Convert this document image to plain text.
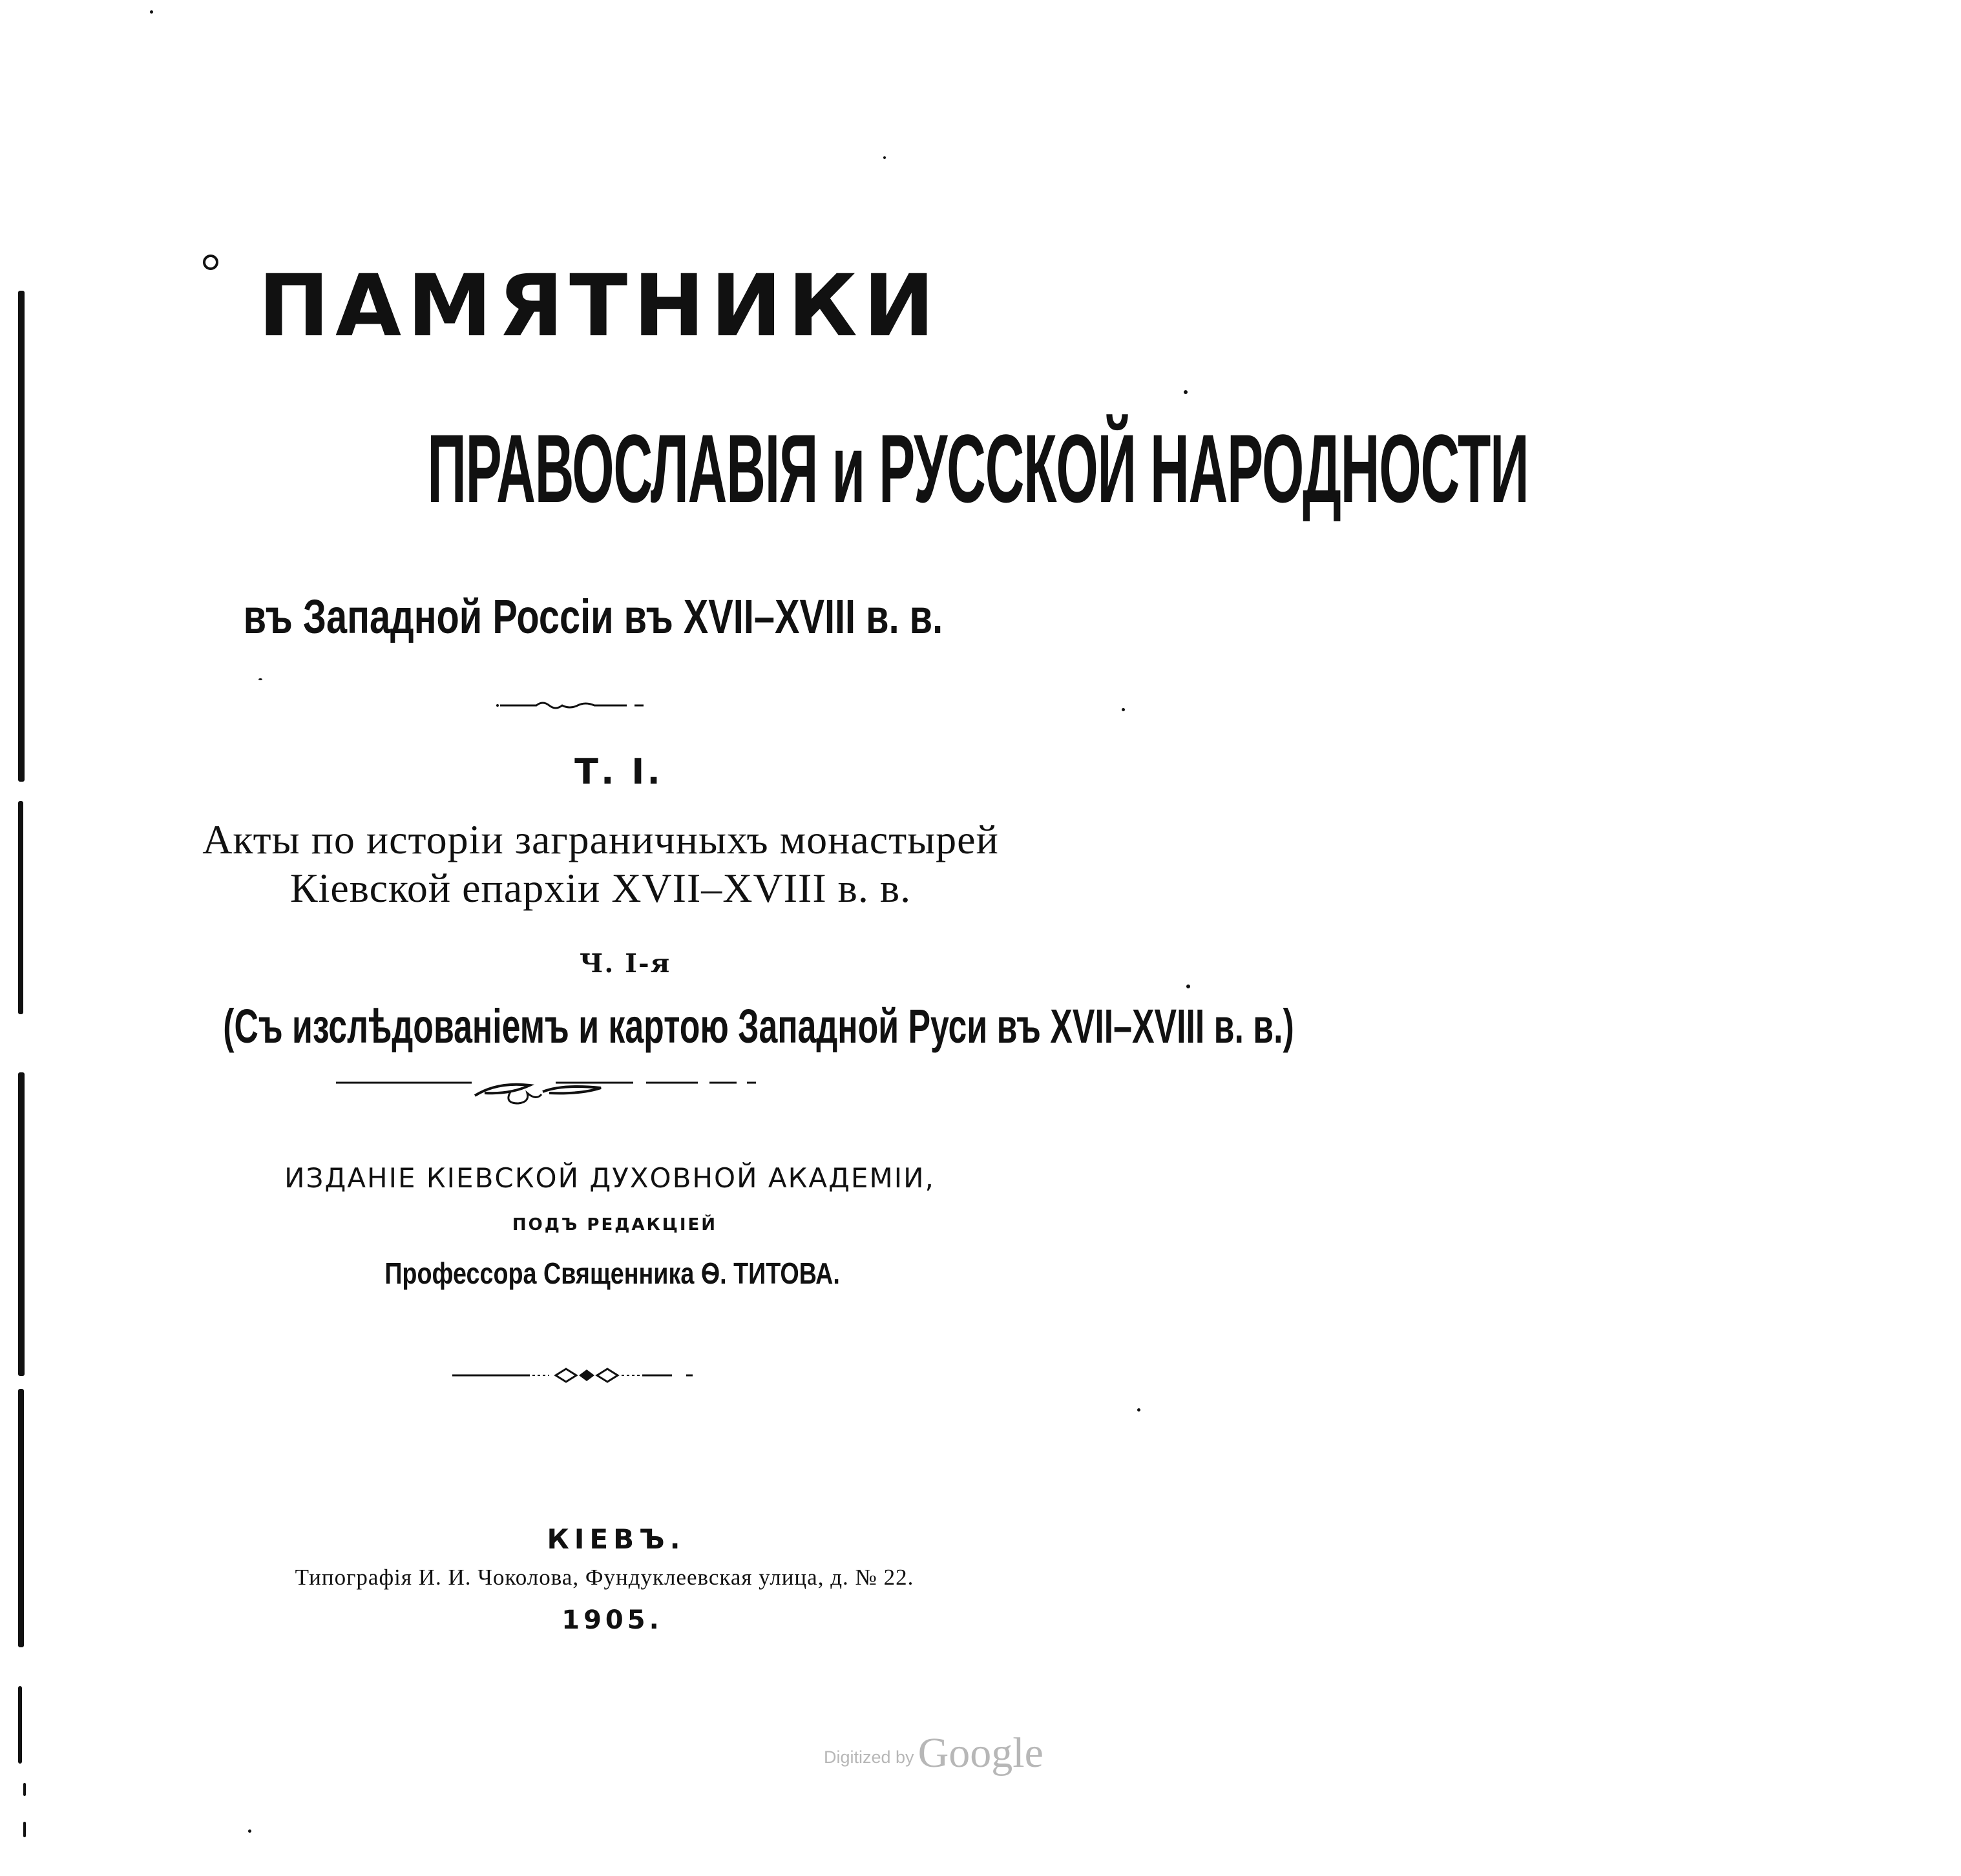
ПАМЯТНИКИ
ПРАВОСЛАВІЯ и РУССКОЙ НАРОДНОСТИ
въ Западной Россіи въ XVII–XVIII в. в.
Т. І.
Акты по исторіи заграничныхъ монастырей
Кіевской епархіи XVII–XVIII в. в.
Ч. І-я
(Съ изслѣдованіемъ и картою Западной Руси въ XVII–XVIII в. в.)
ИЗДАНІЕ КІЕВСКОЙ ДУХОВНОЙ АКАДЕМІИ,
ПОДЪ РЕДАКЦІЕЙ
Профессора Священника Ѳ. ТИТОВА.
КІЕВЪ.
Типографія И. И. Чоколова, Фундуклеевская улица, д. № 22.
1905.
Digitized byGoogle
